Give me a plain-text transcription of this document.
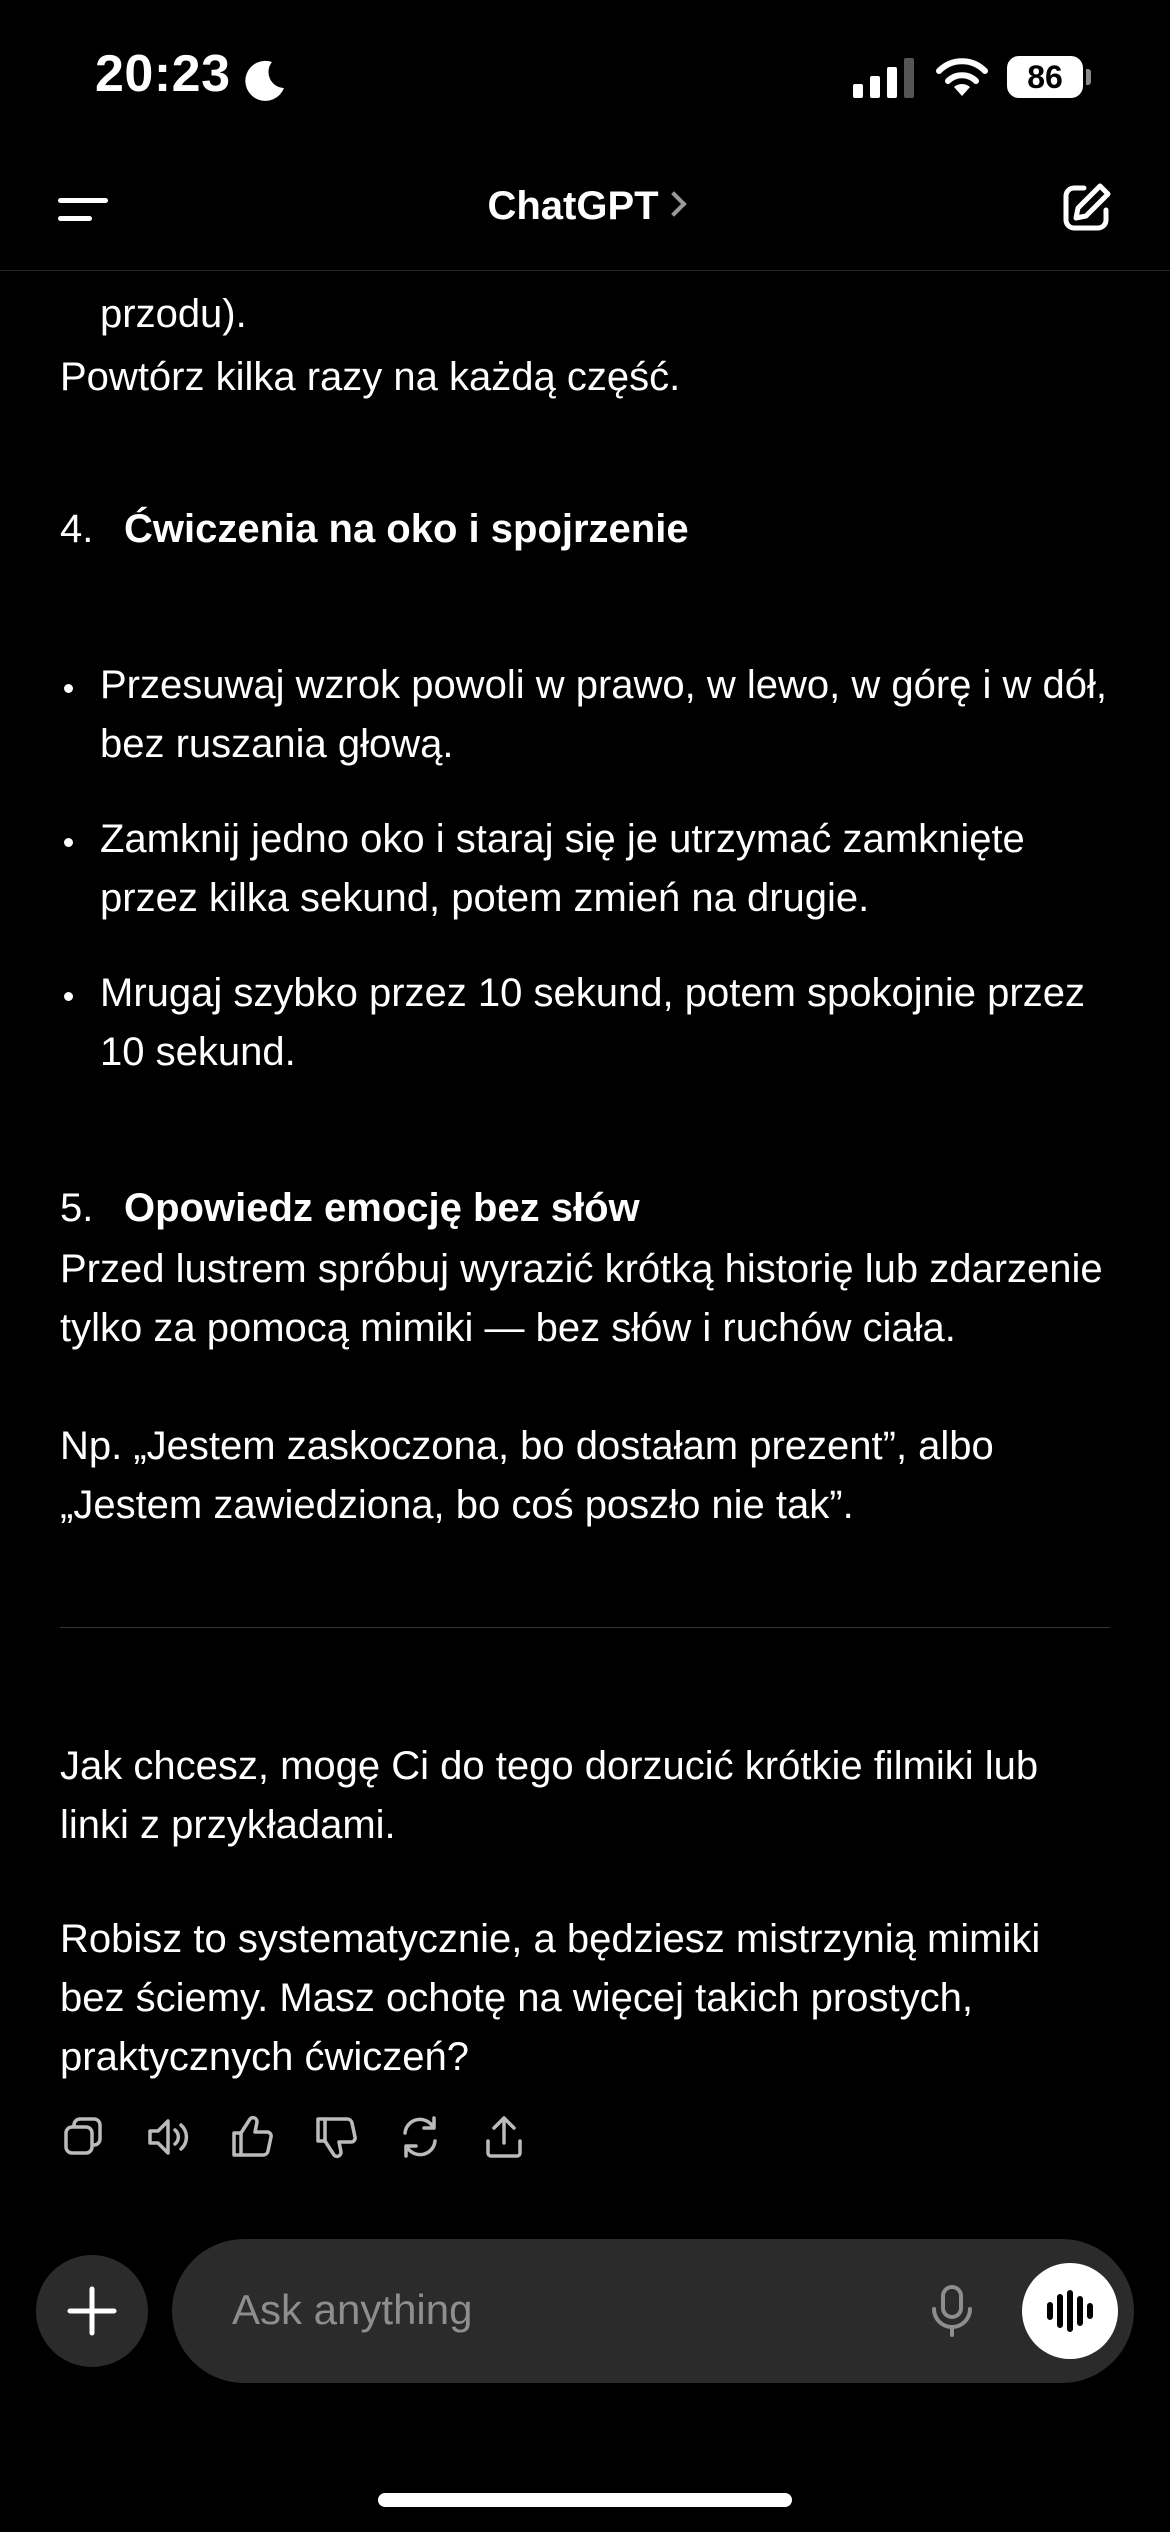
20:23	86
ChatGPT
przodu).
Powtórz kilka razy na każdą część.
4. Ćwiczenia na oko i spojrzenie
Przesuwaj wzrok powoli w prawo, w lewo, w górę i w dół, bez ruszania głową.
Zamknij jedno oko i staraj się je utrzymać zamknięte przez kilka sekund, potem zmień na drugie.
Mrugaj szybko przez 10 sekund, potem spokojnie przez 10 sekund.
5. Opowiedz emocję bez słów
Przed lustrem spróbuj wyrazić krótką historię lub zdarzenie tylko za pomocą mimiki — bez słów i ruchów ciała.
Np. „Jestem zaskoczona, bo dostałam prezent”, albo „Jestem zawiedziona, bo coś poszło nie tak”.
Jak chcesz, mogę Ci do tego dorzucić krótkie filmiki lub linki z przykładami.
Robisz to systematycznie, a będziesz mistrzynią mimiki bez ściemy. Masz ochotę na więcej takich prostych, praktycznych ćwiczeń?
Ask anything
